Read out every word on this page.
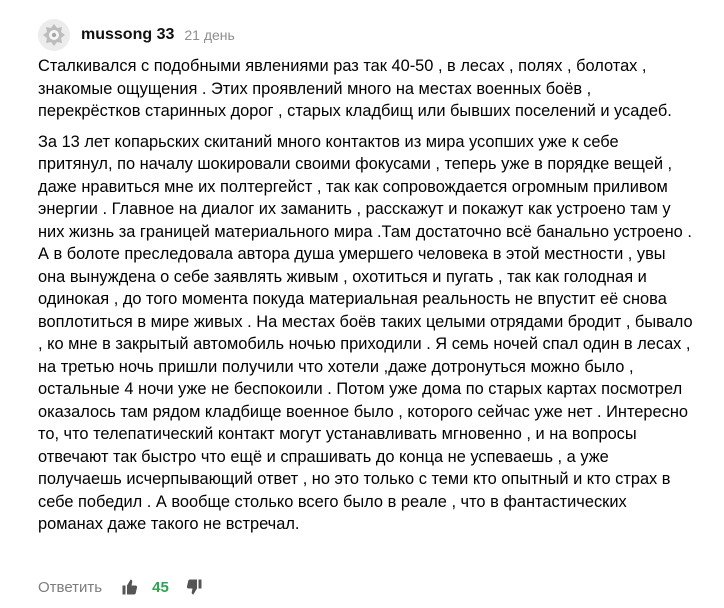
mussong 33 21 день

Сталкивался с подобными явлениями раз так 40-50 , в лесах , полях , болотах , знакомые ощущения . Этих проявлений много на местах военных боёв , перекрёстков старинных дорог , старых кладбищ или бывших поселений и усадеб.

За 13 лет копарьских скитаний много контактов из мира усопших уже к себе притянул, по началу шокировали своими фокусами , теперь уже в порядке вещей , даже нравиться мне их полтергейст , так как сопровождается огромным приливом энергии . Главное на диалог их заманить , расскажут и покажут как устроено там у них жизнь за границей материального мира .Там достаточно всё банально устроено . А в болоте преследовала автора душа умершего человека в этой местности , увы она вынуждена о себе заявлять живым , охотиться и пугать , так как голодная и одинокая , до того момента покуда материальная реальность не впустит её снова воплотиться в мире живых . На местах боёв таких целыми отрядами бродит , бывало , ко мне в закрытый автомобиль ночью приходили . Я семь ночей спал один в лесах , на третью ночь пришли получили что хотели ,даже дотронуться можно было , остальные 4 ночи уже не беспокоили . Потом уже дома по старых картах посмотрел оказалось там рядом кладбище военное было , которого сейчас уже нет . Интересно то, что телепатический контакт могут устанавливать мгновенно , и на вопросы отвечают так быстро что ещё и спрашивать до конца не успеваешь , а уже получаешь исчерпывающий ответ , но это только с теми кто опытный и кто страх в себе победил . А вообще столько всего было в реале , что в фантастических романах даже такого не встречал.

Ответить	45
